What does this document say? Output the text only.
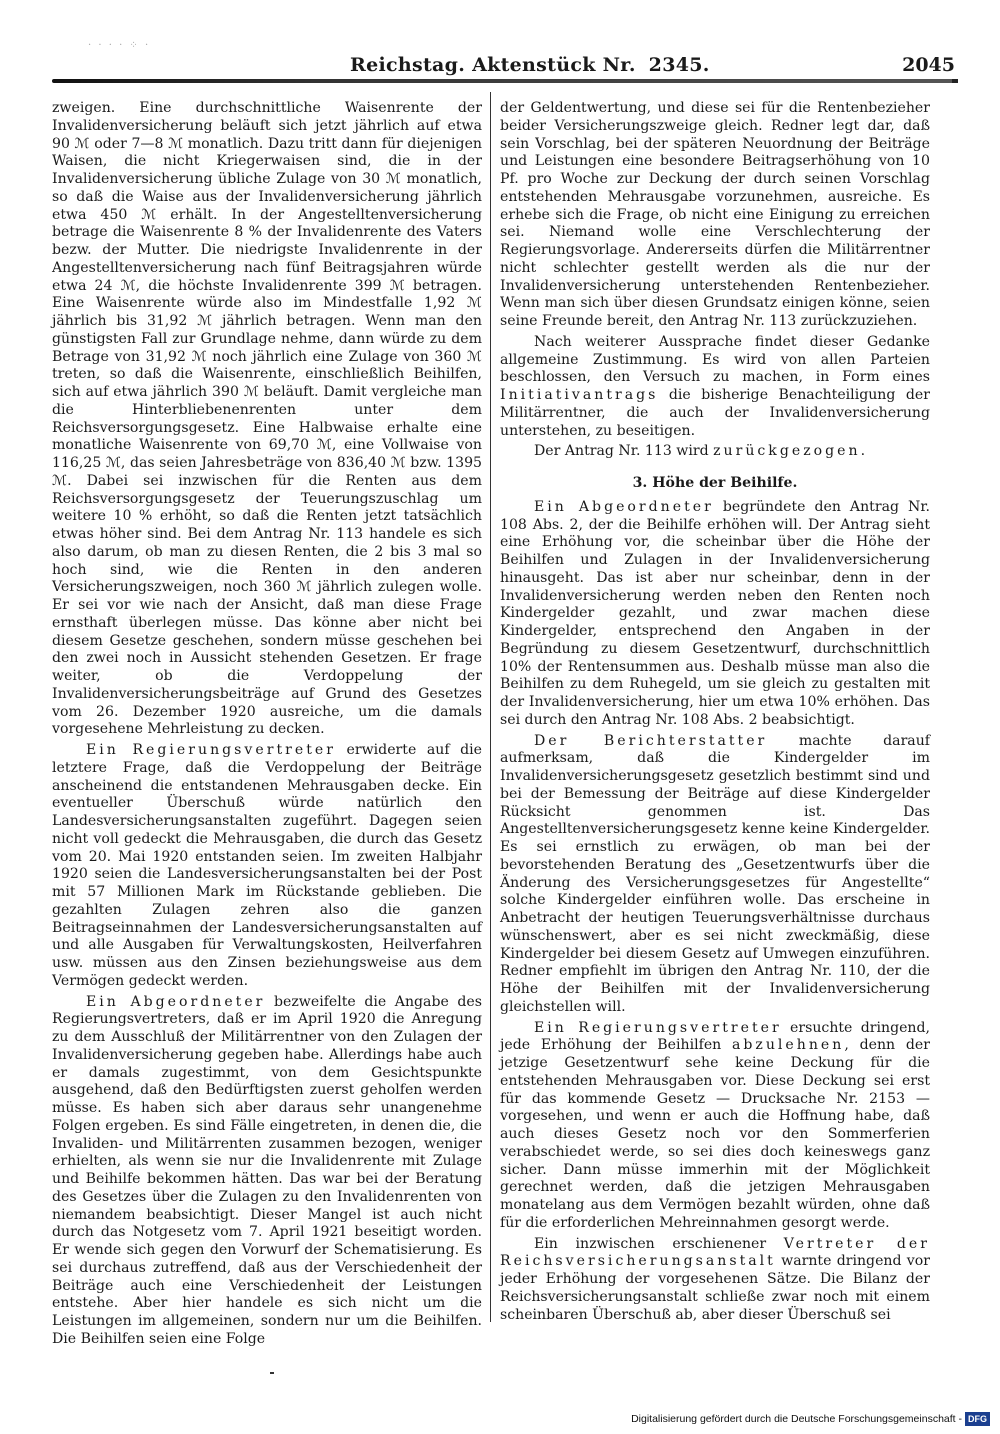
· · · · ⁘ ·
Reichstag. Aktenstück Nr. 2345.	2045

zweigen. Eine durchschnittliche Waisenrente der Invalidenversicherung beläuft sich jetzt jährlich auf etwa 90 ℳ oder 7—8 ℳ monatlich. Dazu tritt dann für diejenigen Waisen, die nicht Kriegerwaisen sind, die in der Invalidenversicherung übliche Zulage von 30 ℳ monatlich, so daß die Waise aus der Invalidenversicherung jährlich etwa 450 ℳ erhält. In der Angestelltenversicherung betrage die Waisenrente 8 % der Invalidenrente des Vaters bezw. der Mutter. Die niedrigste Invalidenrente in der Angestelltenversicherung nach fünf Beitragsjahren würde etwa 24 ℳ, die höchste Invalidenrente 399 ℳ betragen. Eine Waisenrente würde also im Mindestfalle 1,92 ℳ jährlich bis 31,92 ℳ jährlich betragen. Wenn man den günstigsten Fall zur Grundlage nehme, dann würde zu dem Betrage von 31,92 ℳ noch jährlich eine Zulage von 360 ℳ treten, so daß die Waisenrente, einschließlich Beihilfen, sich auf etwa jährlich 390 ℳ beläuft. Damit vergleiche man die Hinterbliebenenrenten unter dem Reichsversorgungsgesetz. Eine Halbwaise erhalte eine monatliche Waisenrente von 69,70 ℳ, eine Vollwaise von 116,25 ℳ, das seien Jahresbeträge von 836,40 ℳ bzw. 1395 ℳ. Dabei sei inzwischen für die Renten aus dem Reichsversorgungsgesetz der Teuerungszuschlag um weitere 10 % erhöht, so daß die Renten jetzt tatsächlich etwas höher sind. Bei dem Antrag Nr. 113 handele es sich also darum, ob man zu diesen Renten, die 2 bis 3 mal so hoch sind, wie die Renten in den anderen Versicherungszweigen, noch 360 ℳ jährlich zulegen wolle. Er sei vor wie nach der Ansicht, daß man diese Frage ernsthaft überlegen müsse. Das könne aber nicht bei diesem Gesetze geschehen, sondern müsse geschehen bei den zwei noch in Aussicht stehenden Gesetzen. Er frage weiter, ob die Verdoppelung der Invalidenversicherungsbeiträge auf Grund des Gesetzes vom 26. Dezember 1920 ausreiche, um die damals vorgesehene Mehrleistung zu decken.

Ein Regierungsvertreter erwiderte auf die letztere Frage, daß die Verdoppelung der Beiträge anscheinend die entstandenen Mehrausgaben decke. Ein eventueller Überschuß würde natürlich den Landesversicherungsanstalten zugeführt. Dagegen seien nicht voll gedeckt die Mehrausgaben, die durch das Gesetz vom 20. Mai 1920 entstanden seien. Im zweiten Halbjahr 1920 seien die Landesversicherungsanstalten bei der Post mit 57 Millionen Mark im Rückstande geblieben. Die gezahlten Zulagen zehren also die ganzen Beitragseinnahmen der Landesversicherungsanstalten auf und alle Ausgaben für Verwaltungskosten, Heilverfahren usw. müssen aus den Zinsen beziehungsweise aus dem Vermögen gedeckt werden.

Ein Abgeordneter bezweifelte die Angabe des Regierungsvertreters, daß er im April 1920 die Anregung zu dem Ausschluß der Militärrentner von den Zulagen der Invalidenversicherung gegeben habe. Allerdings habe auch er damals zugestimmt, von dem Gesichtspunkte ausgehend, daß den Bedürftigsten zuerst geholfen werden müsse. Es haben sich aber daraus sehr unangenehme Folgen ergeben. Es sind Fälle eingetreten, in denen die, die Invaliden- und Militärrenten zusammen bezogen, weniger erhielten, als wenn sie nur die Invalidenrente mit Zulage und Beihilfe bekommen hätten. Das war bei der Beratung des Gesetzes über die Zulagen zu den Invalidenrenten von niemandem beabsichtigt. Dieser Mangel ist auch nicht durch das Notgesetz vom 7. April 1921 beseitigt worden. Er wende sich gegen den Vorwurf der Schematisierung. Es sei durchaus zutreffend, daß aus der Verschiedenheit der Beiträge auch eine Verschiedenheit der Leistungen entstehe. Aber hier handele es sich nicht um die Leistungen im allgemeinen, sondern nur um die Beihilfen. Die Beihilfen seien eine Folge

der Geldentwertung, und diese sei für die Rentenbezieher beider Versicherungszweige gleich. Redner legt dar, daß sein Vorschlag, bei der späteren Neuordnung der Beiträge und Leistungen eine besondere Beitragserhöhung von 10 Pf. pro Woche zur Deckung der durch seinen Vorschlag entstehenden Mehrausgabe vorzunehmen, ausreiche. Es erhebe sich die Frage, ob nicht eine Einigung zu erreichen sei. Niemand wolle eine Verschlechterung der Regierungsvorlage. Andererseits dürfen die Militärrentner nicht schlechter gestellt werden als die nur der Invalidenversicherung unterstehenden Rentenbezieher. Wenn man sich über diesen Grundsatz einigen könne, seien seine Freunde bereit, den Antrag Nr. 113 zurückzuziehen.

Nach weiterer Aussprache findet dieser Gedanke allgemeine Zustimmung. Es wird von allen Parteien beschlossen, den Versuch zu machen, in Form eines Initiativantrags die bisherige Benachteiligung der Militärrentner, die auch der Invalidenversicherung unterstehen, zu beseitigen.

Der Antrag Nr. 113 wird zurückgezogen.

3. Höhe der Beihilfe.

Ein Abgeordneter begründete den Antrag Nr. 108 Abs. 2, der die Beihilfe erhöhen will. Der Antrag sieht eine Erhöhung vor, die scheinbar über die Höhe der Beihilfen und Zulagen in der Invalidenversicherung hinausgeht. Das ist aber nur scheinbar, denn in der Invalidenversicherung werden neben den Renten noch Kindergelder gezahlt, und zwar machen diese Kindergelder, entsprechend den Angaben in der Begründung zu diesem Gesetzentwurf, durchschnittlich 10% der Rentensummen aus. Deshalb müsse man also die Beihilfen zu dem Ruhegeld, um sie gleich zu gestalten mit der Invalidenversicherung, hier um etwa 10% erhöhen. Das sei durch den Antrag Nr. 108 Abs. 2 beabsichtigt.

Der Berichterstatter machte darauf aufmerksam, daß die Kindergelder im Invalidenversicherungsgesetz gesetzlich bestimmt sind und bei der Bemessung der Beiträge auf diese Kindergelder Rücksicht genommen ist. Das Angestelltenversicherungsgesetz kenne keine Kindergelder. Es sei ernstlich zu erwägen, ob man bei der bevorstehenden Beratung des „Gesetzentwurfs über die Änderung des Versicherungsgesetzes für Angestellte“ solche Kindergelder einführen wolle. Das erscheine in Anbetracht der heutigen Teuerungsverhältnisse durchaus wünschenswert, aber es sei nicht zweckmäßig, diese Kindergelder bei diesem Gesetz auf Umwegen einzuführen. Redner empfiehlt im übrigen den Antrag Nr. 110, der die Höhe der Beihilfen mit der Invalidenversicherung gleichstellen will.

Ein Regierungsvertreter ersuchte dringend, jede Erhöhung der Beihilfen abzulehnen, denn der jetzige Gesetzentwurf sehe keine Deckung für die entstehenden Mehrausgaben vor. Diese Deckung sei erst für das kommende Gesetz — Drucksache Nr. 2153 — vorgesehen, und wenn er auch die Hoffnung habe, daß auch dieses Gesetz noch vor den Sommerferien verabschiedet werde, so sei dies doch keineswegs ganz sicher. Dann müsse immerhin mit der Möglichkeit gerechnet werden, daß die jetzigen Mehrausgaben monatelang aus dem Vermögen bezahlt würden, ohne daß für die erforderlichen Mehreinnahmen gesorgt werde.

Ein inzwischen erschienener Vertreter der Reichsversicherungsanstalt warnte dringend vor jeder Erhöhung der vorgesehenen Sätze. Die Bilanz der Reichsversicherungsanstalt schließe zwar noch mit einem scheinbaren Überschuß ab, aber dieser Überschuß sei

Digitalisierung gefördert durch die Deutsche Forschungsgemeinschaft - DFG
